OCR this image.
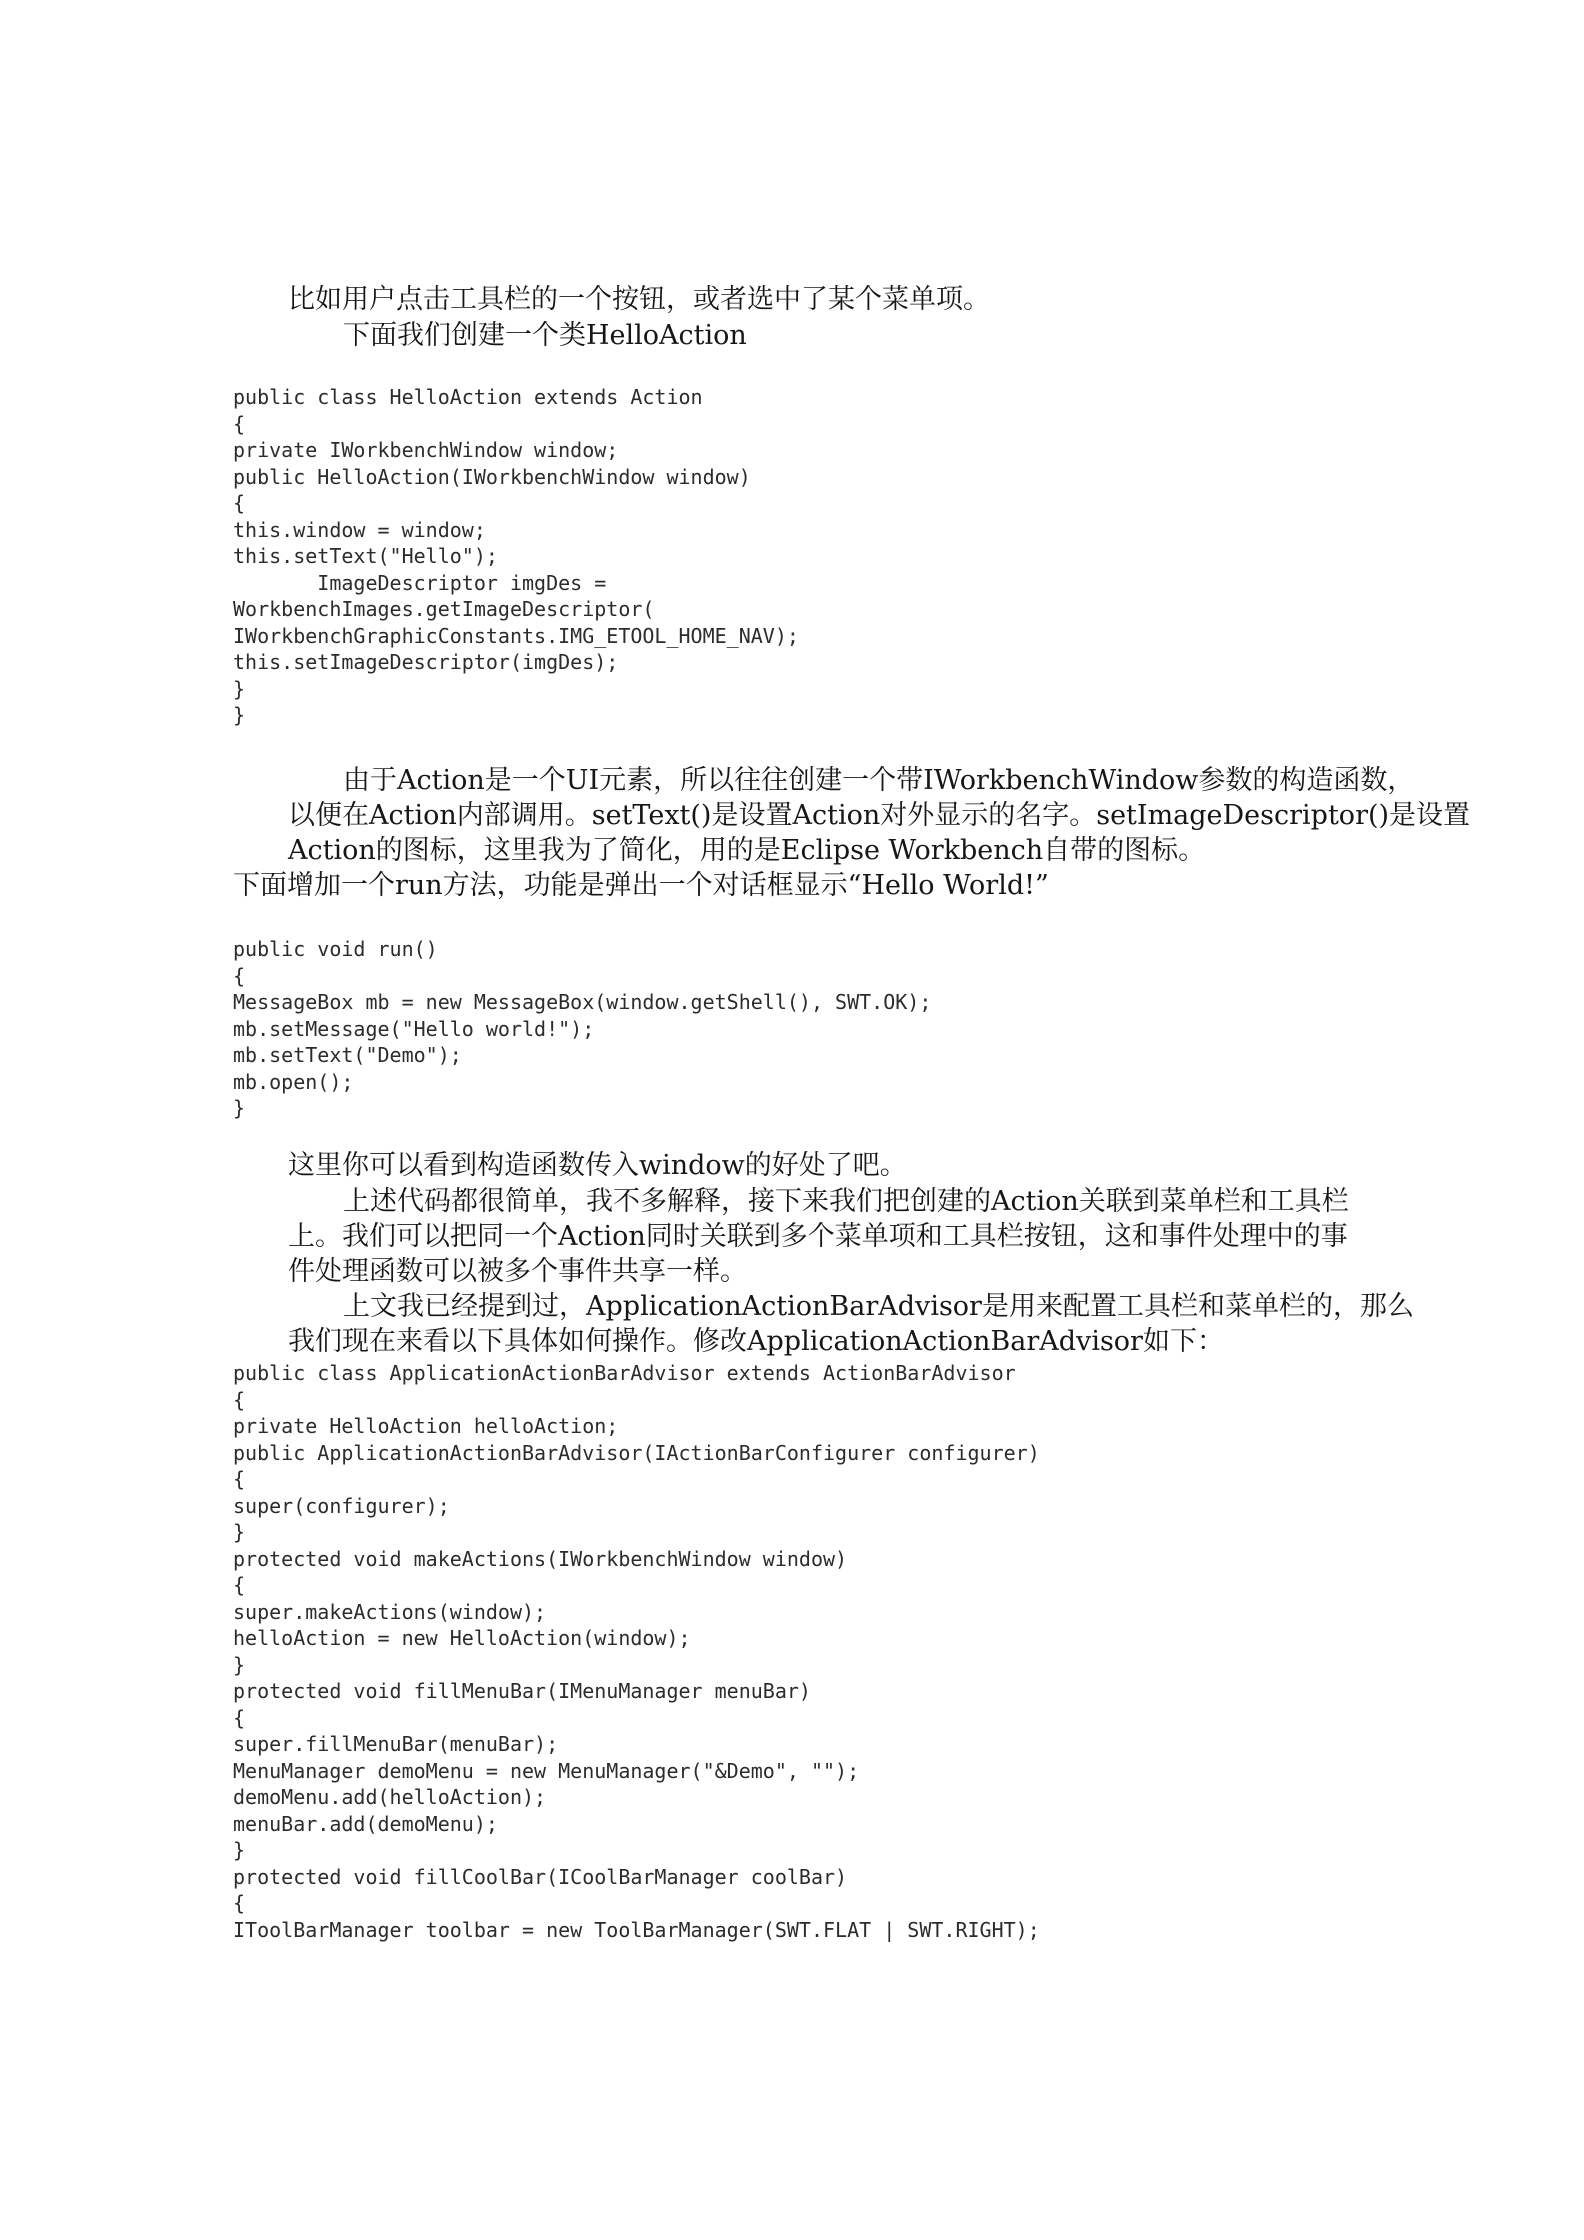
比如用户点击工具栏的一个按钮，或者选中了某个菜单项。

下面我们创建一个类HelloAction

public class HelloAction extends Action
{
private IWorkbenchWindow window;
public HelloAction(IWorkbenchWindow window)
{
this.window = window;
this.setText("Hello");
ImageDescriptor imgDes =
WorkbenchImages.getImageDescriptor(
IWorkbenchGraphicConstants.IMG_ETOOL_HOME_NAV);
this.setImageDescriptor(imgDes);
}
}

由于Action是一个UI元素，所以往往创建一个带IWorkbenchWindow参数的构造函数，

以便在Action内部调用。setText()是设置Action对外显示的名字。setImageDescriptor()是设置

Action的图标，这里我为了简化，用的是Eclipse Workbench自带的图标。

下面增加一个run方法，功能是弹出一个对话框显示“Hello World!”

public void run()
{
MessageBox mb = new MessageBox(window.getShell(), SWT.OK);
mb.setMessage("Hello world!");
mb.setText("Demo");
mb.open();
}

这里你可以看到构造函数传入window的好处了吧。

上述代码都很简单，我不多解释，接下来我们把创建的Action关联到菜单栏和工具栏

上。我们可以把同一个Action同时关联到多个菜单项和工具栏按钮，这和事件处理中的事

件处理函数可以被多个事件共享一样。

上文我已经提到过，ApplicationActionBarAdvisor是用来配置工具栏和菜单栏的，那么

我们现在来看以下具体如何操作。修改ApplicationActionBarAdvisor如下：

public class ApplicationActionBarAdvisor extends ActionBarAdvisor
{
private HelloAction helloAction;
public ApplicationActionBarAdvisor(IActionBarConfigurer configurer)
{
super(configurer);
}
protected void makeActions(IWorkbenchWindow window)
{
super.makeActions(window);
helloAction = new HelloAction(window);
}
protected void fillMenuBar(IMenuManager menuBar)
{
super.fillMenuBar(menuBar);
MenuManager demoMenu = new MenuManager("&Demo", "");
demoMenu.add(helloAction);
menuBar.add(demoMenu);
}
protected void fillCoolBar(ICoolBarManager coolBar)
{
IToolBarManager toolbar = new ToolBarManager(SWT.FLAT | SWT.RIGHT);
